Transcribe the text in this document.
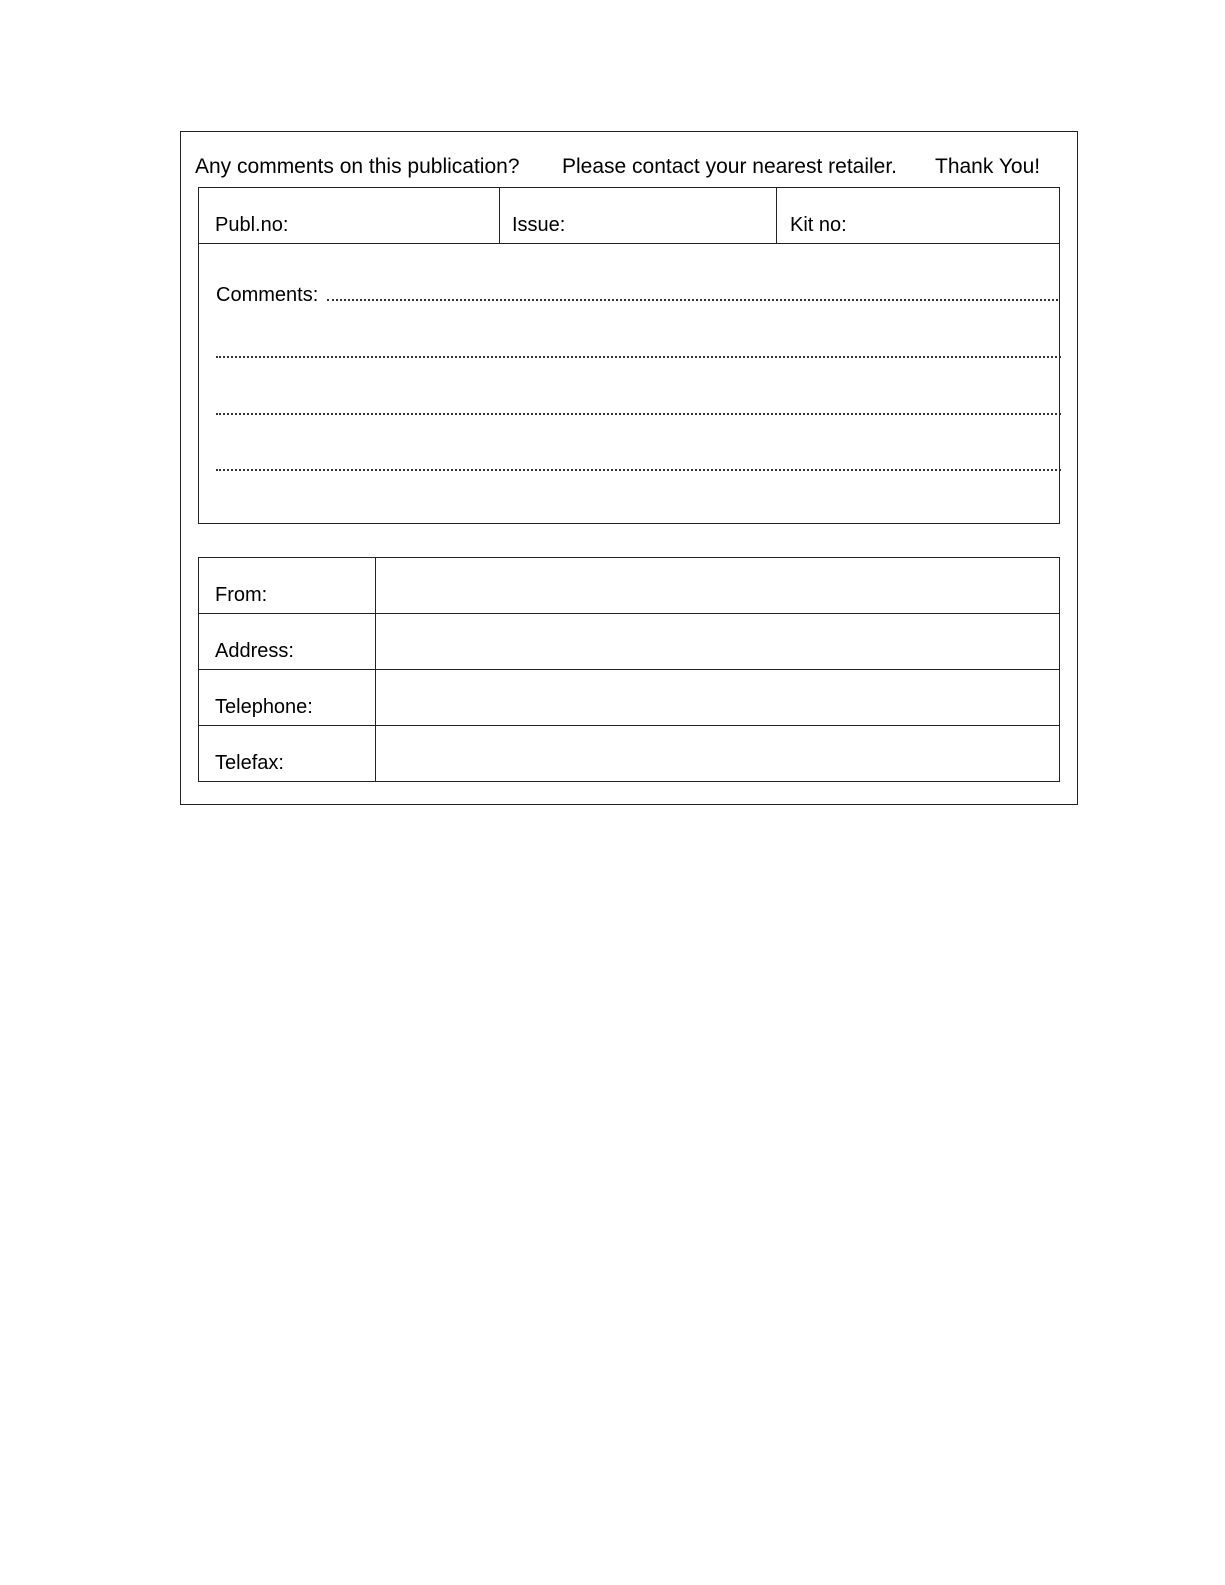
Any comments on this publication? Please contact your nearest retailer. Thank You!
Publ.no:	Issue:	Kit no:
Comments:
From:
Address:
Telephone:
Telefax:
